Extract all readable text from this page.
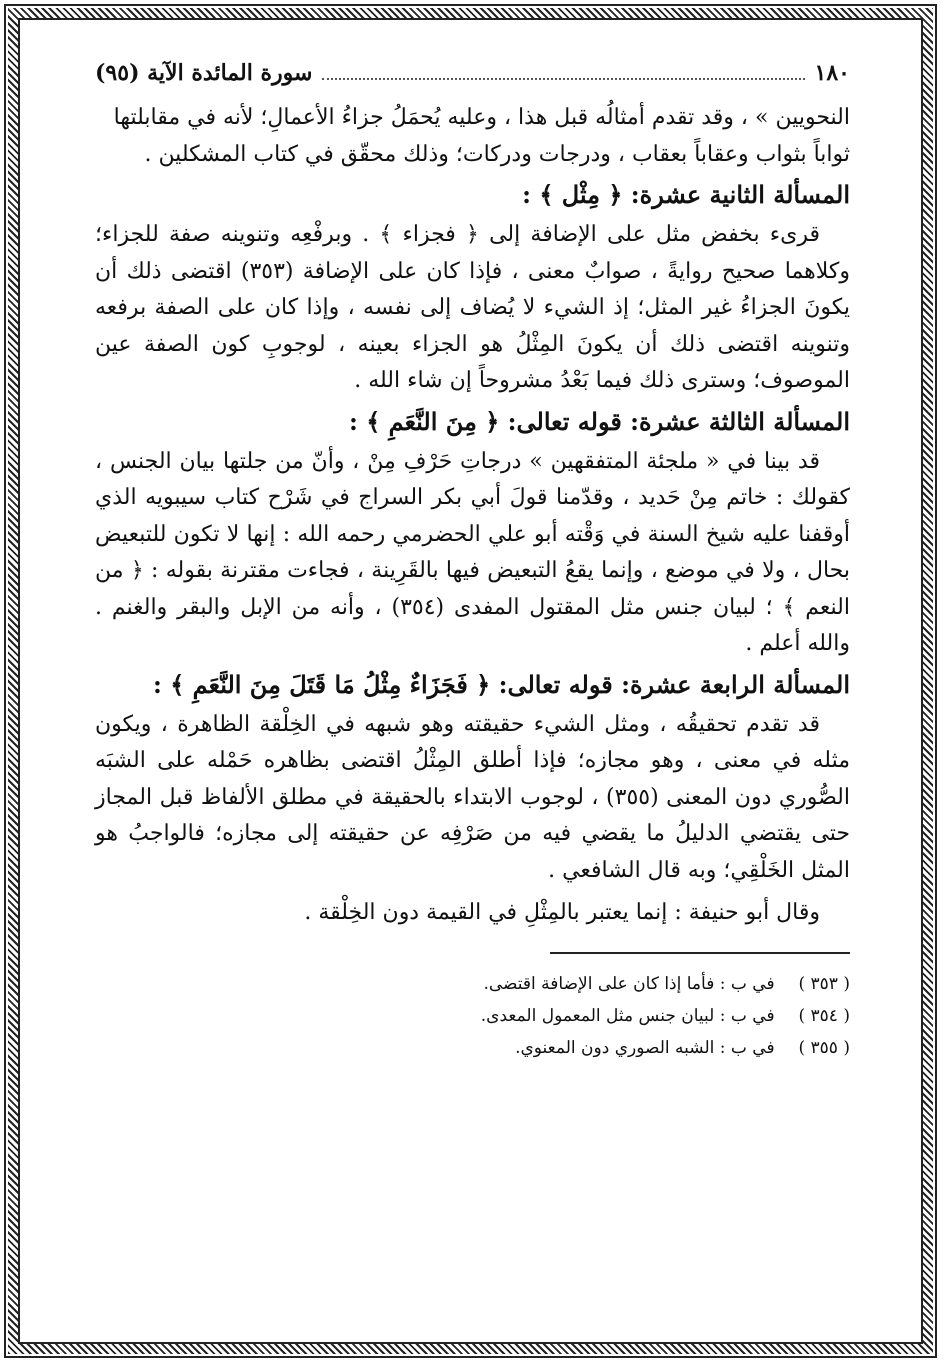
١٨٠
سورة المائدة الآية (٩٥)

النحويين » ، وقد تقدم أمثالُه قبل هذا ، وعليه يُحمَلُ جزاءُ الأعمالِ؛ لأنه في مقابلتها

ثواباً بثواب وعقاباً بعقاب ، ودرجات ودركات؛ وذلك محقّق في كتاب المشكلين .

المسألة الثانية عشرة: ﴿ مِثْل ﴾ :

قرىء بخفض مثل على الإضافة إلى ﴿ فجزاء ﴾ . وبرفْعِه وتنوينه صفة للجزاء؛ وكلاهما صحيح روايةً ، صوابٌ معنى ، فإذا كان على الإضافة (٣٥٣) اقتضى ذلك أن يكونَ الجزاءُ غير المثل؛ إذ الشيء لا يُضاف إلى نفسه ، وإذا كان على الصفة برفعه وتنوينه اقتضى ذلك أن يكونَ المِثْلُ هو الجزاء بعينه ، لوجوبِ كون الصفة عين الموصوف؛ وسترى ذلك فيما بَعْدُ مشروحاً إن شاء الله .

المسألة الثالثة عشرة: قوله تعالى: ﴿ مِنَ النَّعَمِ ﴾ :

قد بينا في « ملجئة المتفقهين » درجاتِ حَرْفِ مِنْ ، وأنّ من جلتها بيان الجنس ، كقولك : خاتم مِنْ حَديد ، وقدّمنا قولَ أبي بكر السراج في شَرْح كتاب سيبويه الذي أوقفنا عليه شيخ السنة في وَقْته أبو علي الحضرمي رحمه الله : إنها لا تكون للتبعيض بحال ، ولا في موضع ، وإنما يقعُ التبعيض فيها بالقَرِينة ، فجاءت مقترنة بقوله : ﴿ من النعم ﴾ ؛ لبيان جنس مثل المقتول المفدى (٣٥٤) ، وأنه من الإبل والبقر والغنم . والله أعلم .

المسألة الرابعة عشرة: قوله تعالى: ﴿ فَجَزَاءٌ مِثْلُ مَا قَتَلَ مِنَ النَّعَمِ ﴾ :

قد تقدم تحقيقُه ، ومثل الشيء حقيقته وهو شبهه في الخِلْقة الظاهرة ، ويكون مثله في معنى ، وهو مجازه؛ فإذا أطلق المِثْلُ اقتضى بظاهره حَمْله على الشبَه الصُّوري دون المعنى (٣٥٥) ، لوجوب الابتداء بالحقيقة في مطلق الألفاظ قبل المجاز حتى يقتضي الدليلُ ما يقضي فيه من صَرْفِه عن حقيقته إلى مجازه؛ فالواجبُ هو المثل الخَلْقِي؛ وبه قال الشافعي .

وقال أبو حنيفة : إنما يعتبر بالمِثْلِ في القيمة دون الخِلْقة .

( ٣٥٣ ) في ب : فأما إذا كان على الإضافة اقتضى.
( ٣٥٤ ) في ب : لبيان جنس مثل المعمول المعدى.
( ٣٥٥ ) في ب : الشبه الصوري دون المعنوي.
